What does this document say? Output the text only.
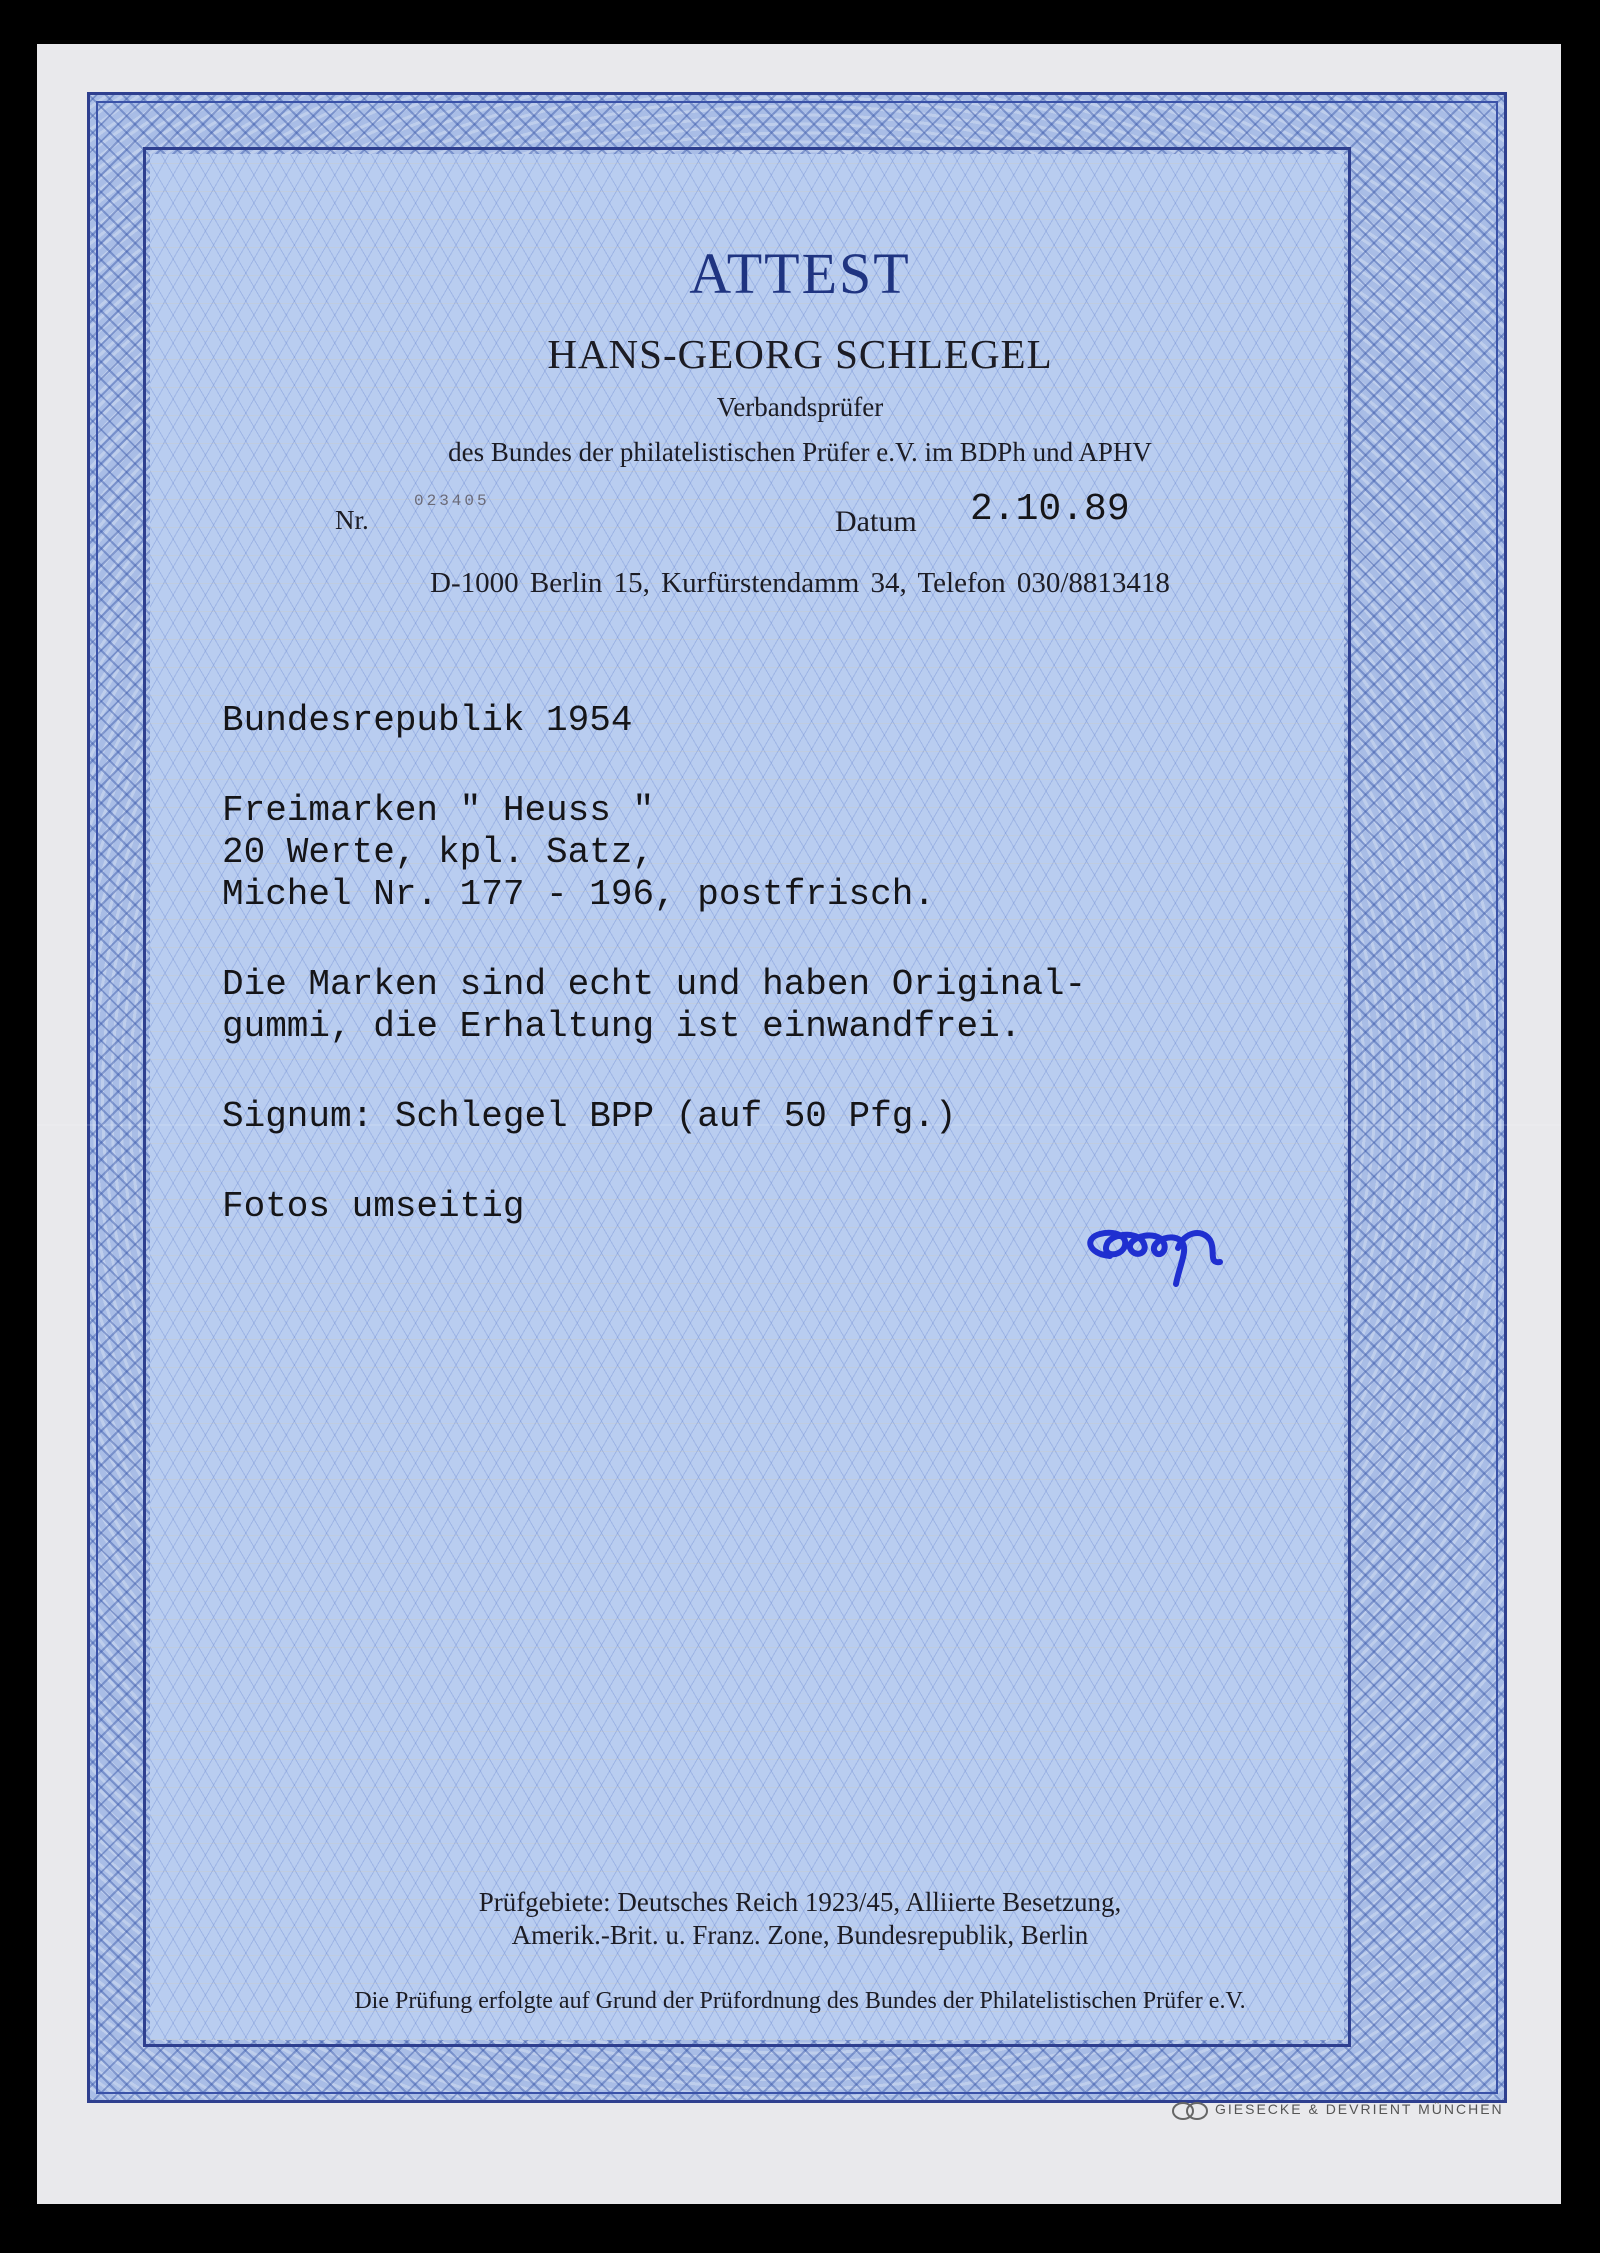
ATTEST
HANS-GEORG SCHLEGEL
Verbandsprüfer
des Bundes der philatelistischen Prüfer e.V. im BDPh und APHV
D-1000 Berlin 15, Kurfürstendamm 34, Telefon 030/8813418
Nr.
023405
Datum 2.10.89
Bundesrepublik 1954
Freimarken " Heuss "
20 Werte, kpl. Satz,
Michel Nr. 177 - 196, postfrisch.
Die Marken sind echt und haben Original-
gummi, die Erhaltung ist einwandfrei.
Signum: Schlegel BPP (auf 50 Pfg.)
Fotos umseitig
Prüfgebiete: Deutsches Reich 1923/45, Alliierte Besetzung,
Amerik.-Brit. u. Franz. Zone, Bundesrepublik, Berlin
Die Prüfung erfolgte auf Grund der Prüfordnung des Bundes der Philatelistischen Prüfer e.V.
GIESECKE & DEVRIENT MÜNCHEN
